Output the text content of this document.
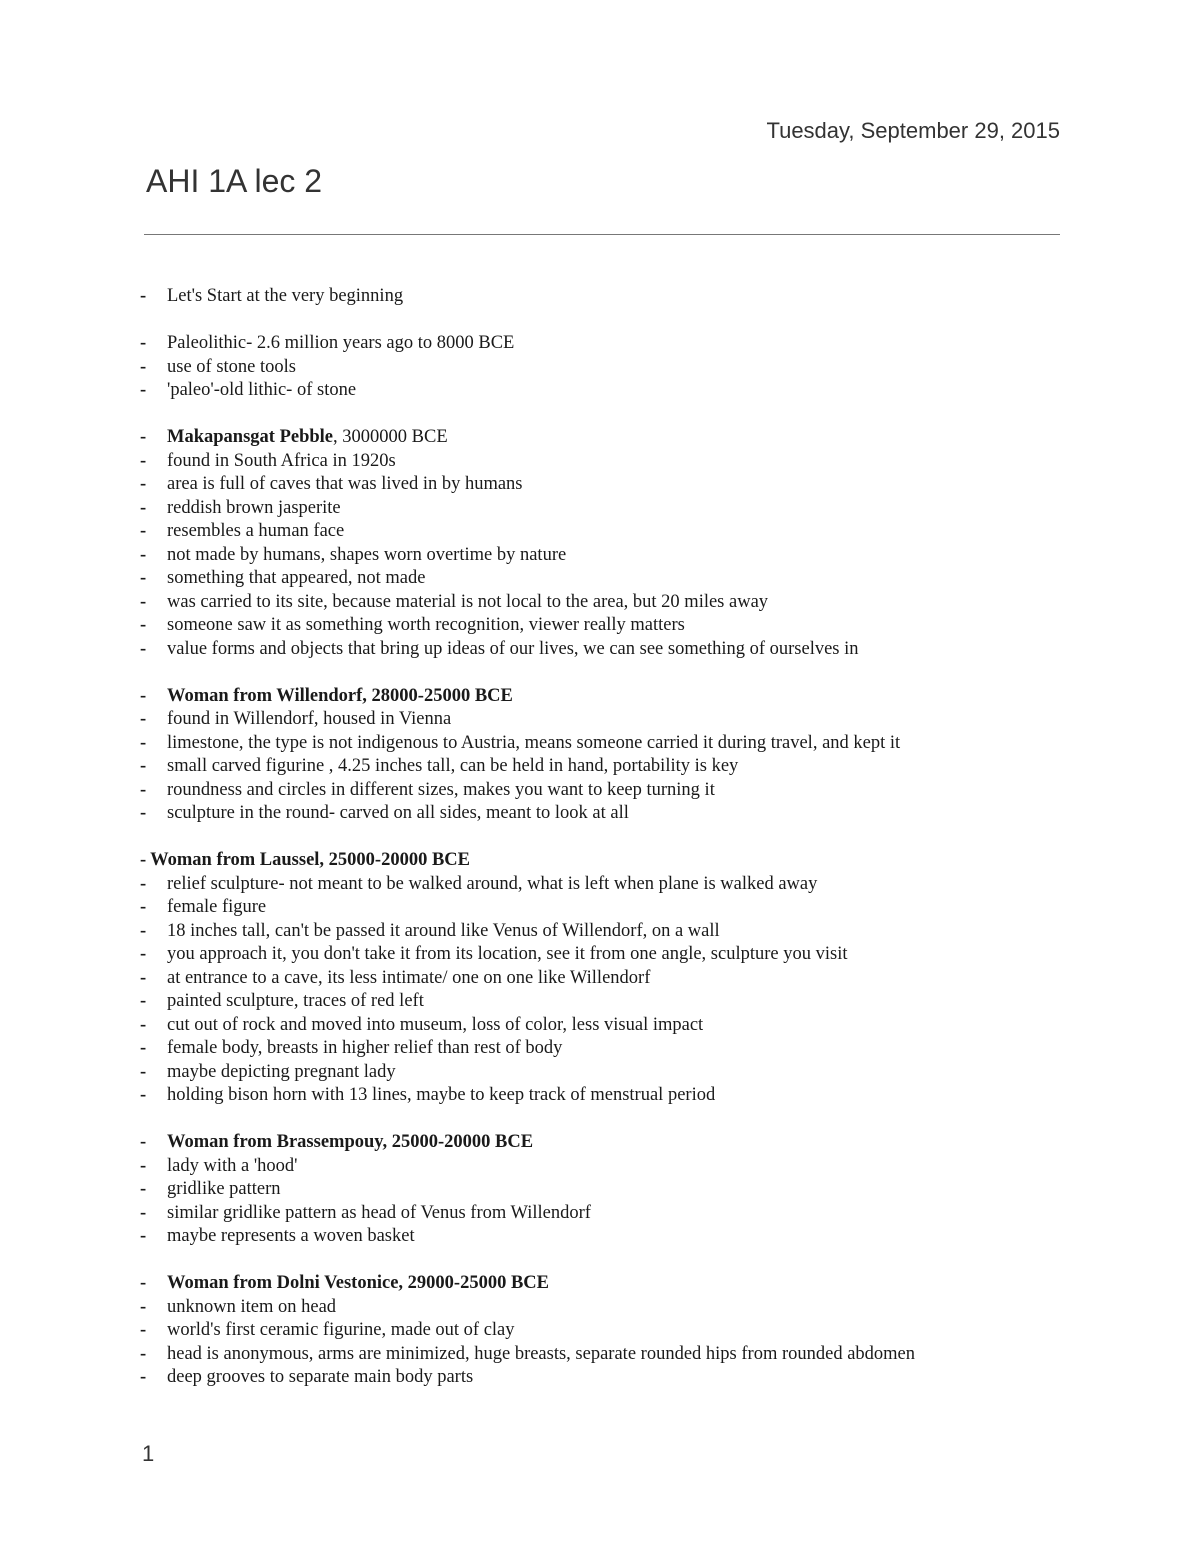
Tuesday, September 29, 2015
AHI 1A lec 2
-	Let's Start at the very beginning
-	Paleolithic- 2.6 million years ago to 8000 BCE
-	use of stone tools
-	'paleo'-old lithic- of stone
-	Makapansgat Pebble, 3000000 BCE
-	found in South Africa in 1920s
-	area is full of caves that was lived in by humans
-	reddish brown jasperite
-	resembles a human face
-	not made by humans, shapes worn overtime by nature
-	something that appeared, not made
-	was carried to its site, because material is not local to the area, but 20 miles away
-	someone saw it as something worth recognition, viewer really matters
-	value forms and objects that bring up ideas of our lives, we can see something of ourselves in
-	Woman from Willendorf, 28000-25000 BCE
-	found in Willendorf, housed in Vienna
-	limestone, the type is not indigenous to Austria, means someone carried it during travel, and kept it
-	small carved figurine , 4.25 inches tall, can be held in hand, portability is key
-	roundness and circles in different sizes, makes you want to keep turning it
-	sculpture in the round- carved on all sides, meant to look at all
- Woman from Laussel, 25000-20000 BCE
-	relief sculpture- not meant to be walked around, what is left when plane is walked away
-	female figure
-	18 inches tall, can't be passed it around like Venus of Willendorf, on a wall
-	you approach it, you don't take it from its location, see it from one angle, sculpture you visit
-	at entrance to a cave, its less intimate/ one on one like Willendorf
-	painted sculpture, traces of red left
-	cut out of rock and moved into museum, loss of color, less visual impact
-	female body, breasts in higher relief than rest of body
-	maybe depicting pregnant lady
-	holding bison horn with 13 lines, maybe to keep track of menstrual period
-	Woman from Brassempouy, 25000-20000 BCE
-	lady with a 'hood'
-	gridlike pattern
-	similar gridlike pattern as head of Venus from Willendorf
-	maybe represents a woven basket
-	Woman from Dolni Vestonice, 29000-25000 BCE
-	unknown item on head
-	world's first ceramic figurine, made out of clay
-	head is anonymous, arms are minimized, huge breasts, separate rounded hips from rounded abdomen
-	deep grooves to separate main body parts
1
